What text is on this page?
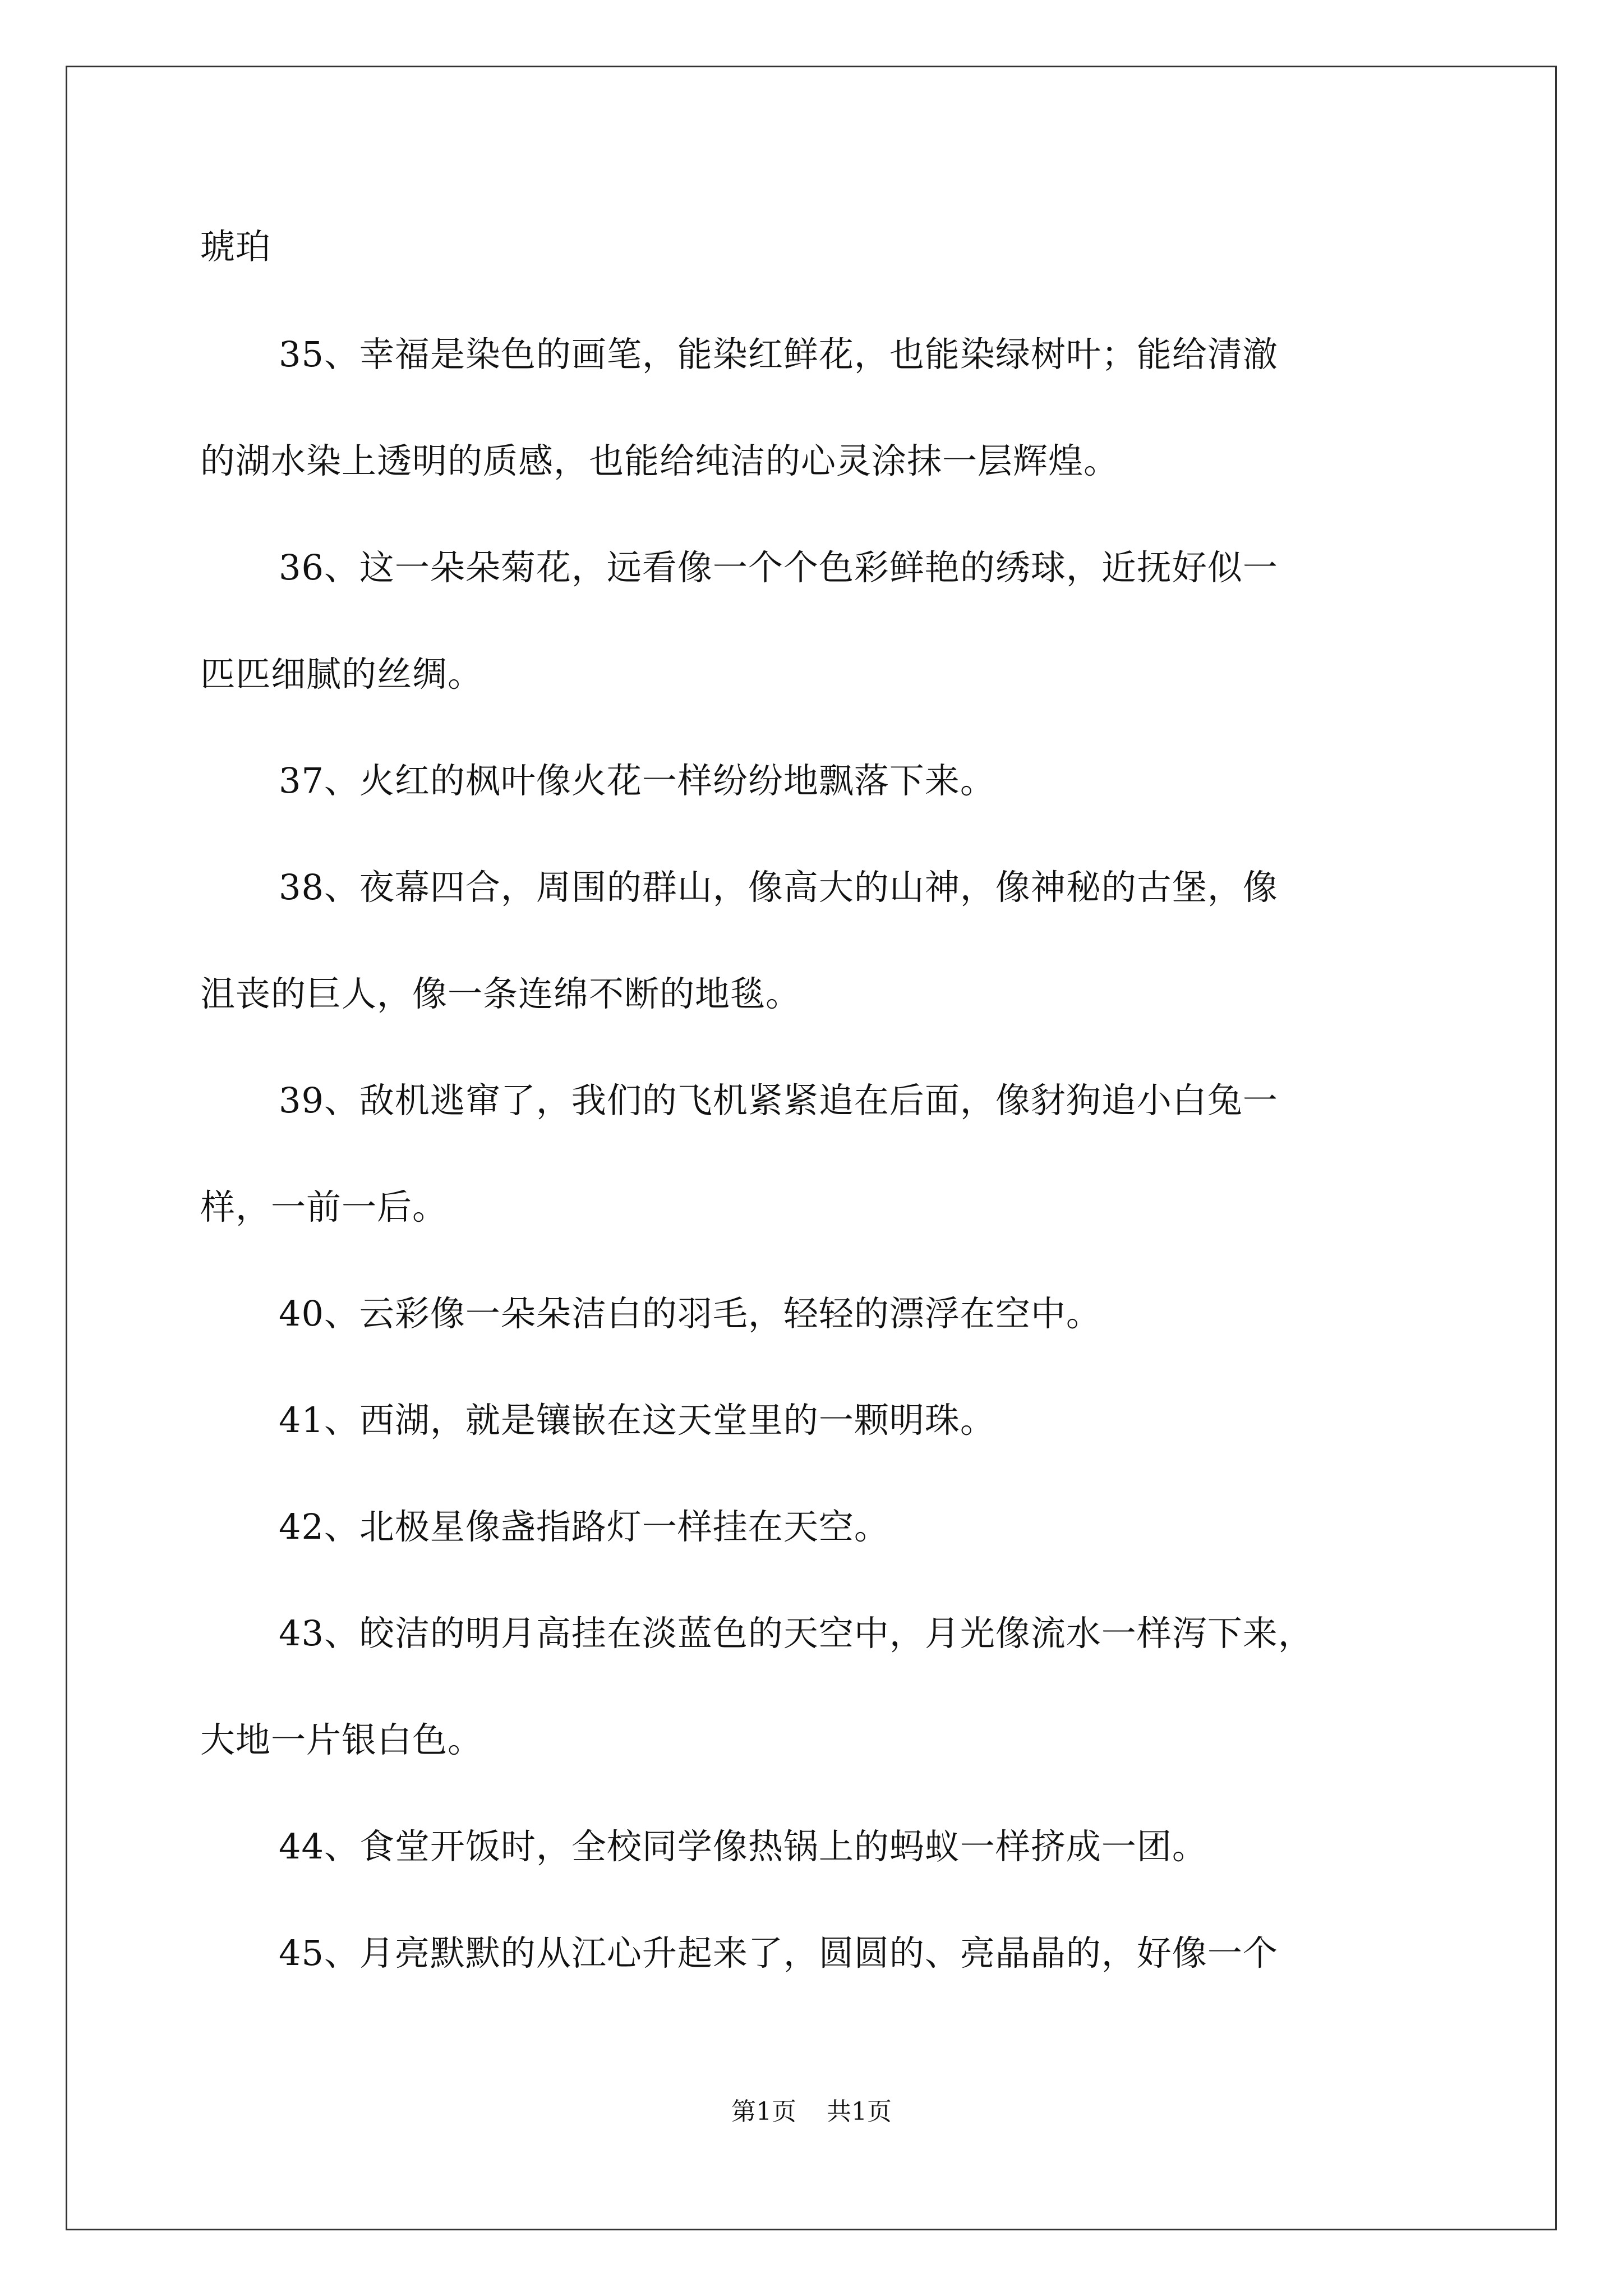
琥珀
35、幸福是染色的画笔，能染红鲜花，也能染绿树叶；能给清澈
的湖水染上透明的质感，也能给纯洁的心灵涂抹一层辉煌。
36、这一朵朵菊花，远看像一个个色彩鲜艳的绣球，近抚好似一
匹匹细腻的丝绸。
37、火红的枫叶像火花一样纷纷地飘落下来。
38、夜幕四合，周围的群山，像高大的山神，像神秘的古堡，像
沮丧的巨人，像一条连绵不断的地毯。
39、敌机逃窜了，我们的飞机紧紧追在后面，像豺狗追小白兔一
样，一前一后。
40、云彩像一朵朵洁白的羽毛，轻轻的漂浮在空中。
41、西湖，就是镶嵌在这天堂里的一颗明珠。
42、北极星像盏指路灯一样挂在天空。
43、皎洁的明月高挂在淡蓝色的天空中，月光像流水一样泻下来，
大地一片银白色。
44、食堂开饭时，全校同学像热锅上的蚂蚁一样挤成一团。
45、月亮默默的从江心升起来了，圆圆的、亮晶晶的，好像一个
第1页 共1页
